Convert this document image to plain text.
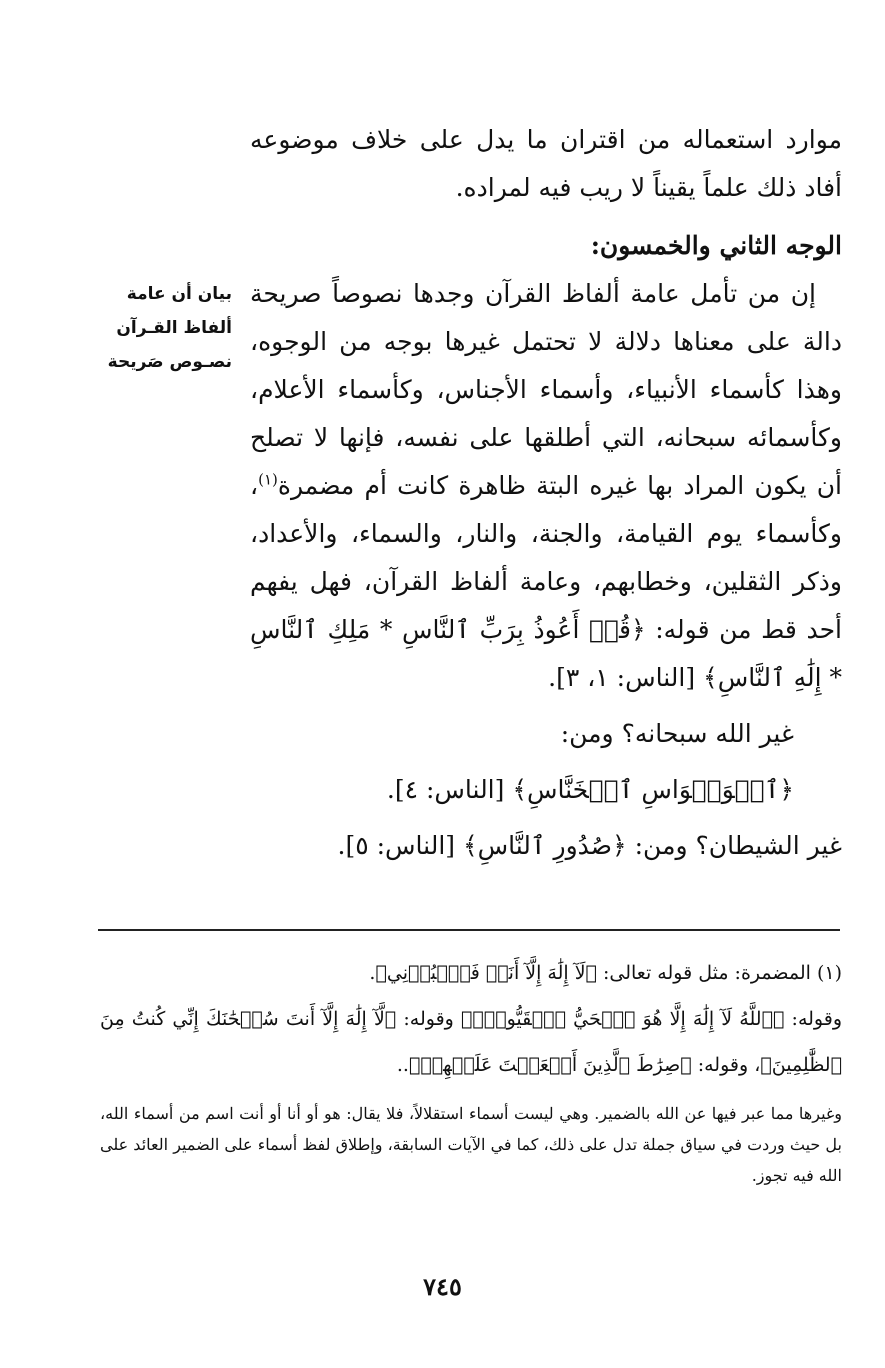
موارد استعماله من اقتران ما يدل على خلاف موضوعه أفاد ذلك علماً يقيناً لا ريب فيه لمراده.

الوجه الثاني والخمسون:

إن من تأمل عامة ألفاظ القرآن وجدها نصوصاً صريحة دالة على معناها دلالة لا تحتمل غيرها بوجه من الوجوه، وهذا كأسماء الأنبياء، وأسماء الأجناس، وكأسماء الأعلام، وكأسمائه سبحانه، التي أطلقها على نفسه، فإنها لا تصلح أن يكون المراد بها غيره البتة ظاهرة كانت أم مضمرة$^{(١)}$، وكأسماء يوم القيامة، والجنة، والنار، والسماء، والأعداد، وذكر الثقلين، وخطابهم، وعامة ألفاظ القرآن، فهل يفهم أحد قط من قوله: ﴿قُلۡ أَعُوذُ بِرَبِّ ٱلنَّاسِ * مَلِكِ ٱلنَّاسِ * إِلَٰهِ ٱلنَّاسِ﴾ [الناس: ١، ٣].

غير الله سبحانه؟ ومن:

﴿ٱلۡوَسۡوَاسِ ٱلۡخَنَّاسِ﴾ [الناس: ٤].

غير الشيطان؟ ومن: ﴿صُدُورِ ٱلنَّاسِ﴾ [الناس: ٥].

بيان أن عامة ألفاظ القـرآن نصـوص صَريحة

(١) المضمرة: مثل قوله تعالى: ﴿لَآ إِلَٰهَ إِلَّآ أَنَا۠ فَٱعۡبُدۡنِي﴾.

وقوله: ﴿ٱللَّهُ لَآ إِلَٰهَ إِلَّا هُوَ ٱلۡحَيُّ ٱلۡقَيُّومُۚ﴾ وقوله: ﴿لَّآ إِلَٰهَ إِلَّآ أَنتَ سُبۡحَٰنَكَ إِنِّي كُنتُ مِنَ ٱلظَّٰلِمِينَ﴾، وقوله: ﴿صِرَٰطَ ٱلَّذِينَ أَنۡعَمۡتَ عَلَيۡهِمۡ﴾..

وغيرها مما عبر فيها عن الله بالضمير. وهي ليست أسماء استقلالاً، فلا يقال: هو أو أنا أو أنت اسم من أسماء الله، بل حيث وردت في سياق جملة تدل على ذلك، كما في الآيات السابقة، وإطلاق لفظ أسماء على الضمير العائد على الله فيه تجوز.

٧٤٥
